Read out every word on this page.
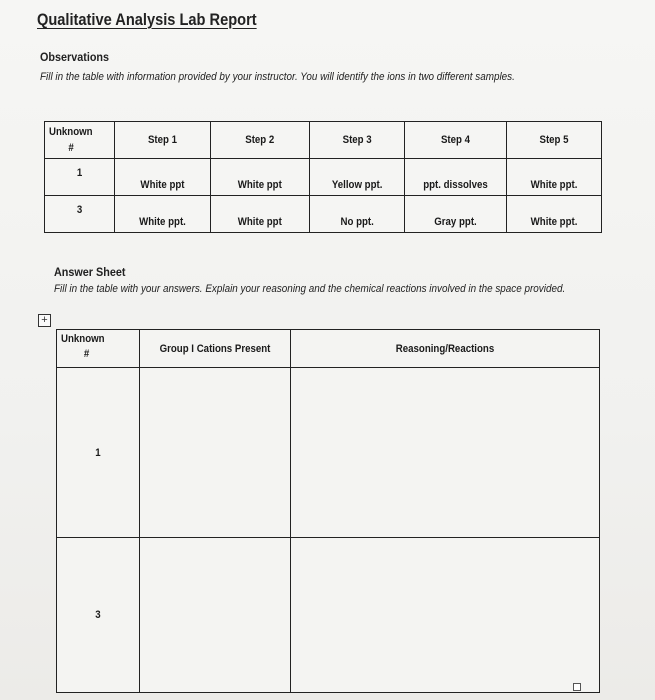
Qualitative Analysis Lab Report
Observations
Fill in the table with information provided by your instructor. You will identify the ions in two different samples.
Unknown
#	Step 1	Step 2	Step 3	Step 4	Step 5

1	White ppt	White ppt	Yellow ppt.	ppt. dissolves	White ppt.

3	White ppt.	White ppt	No ppt.	Gray ppt.	White ppt.
Answer Sheet
Fill in the table with your answers. Explain your reasoning and the chemical reactions involved in the space provided.
+
Unknown
#	Group I Cations Present	Reasoning/Reactions

1		

3		
